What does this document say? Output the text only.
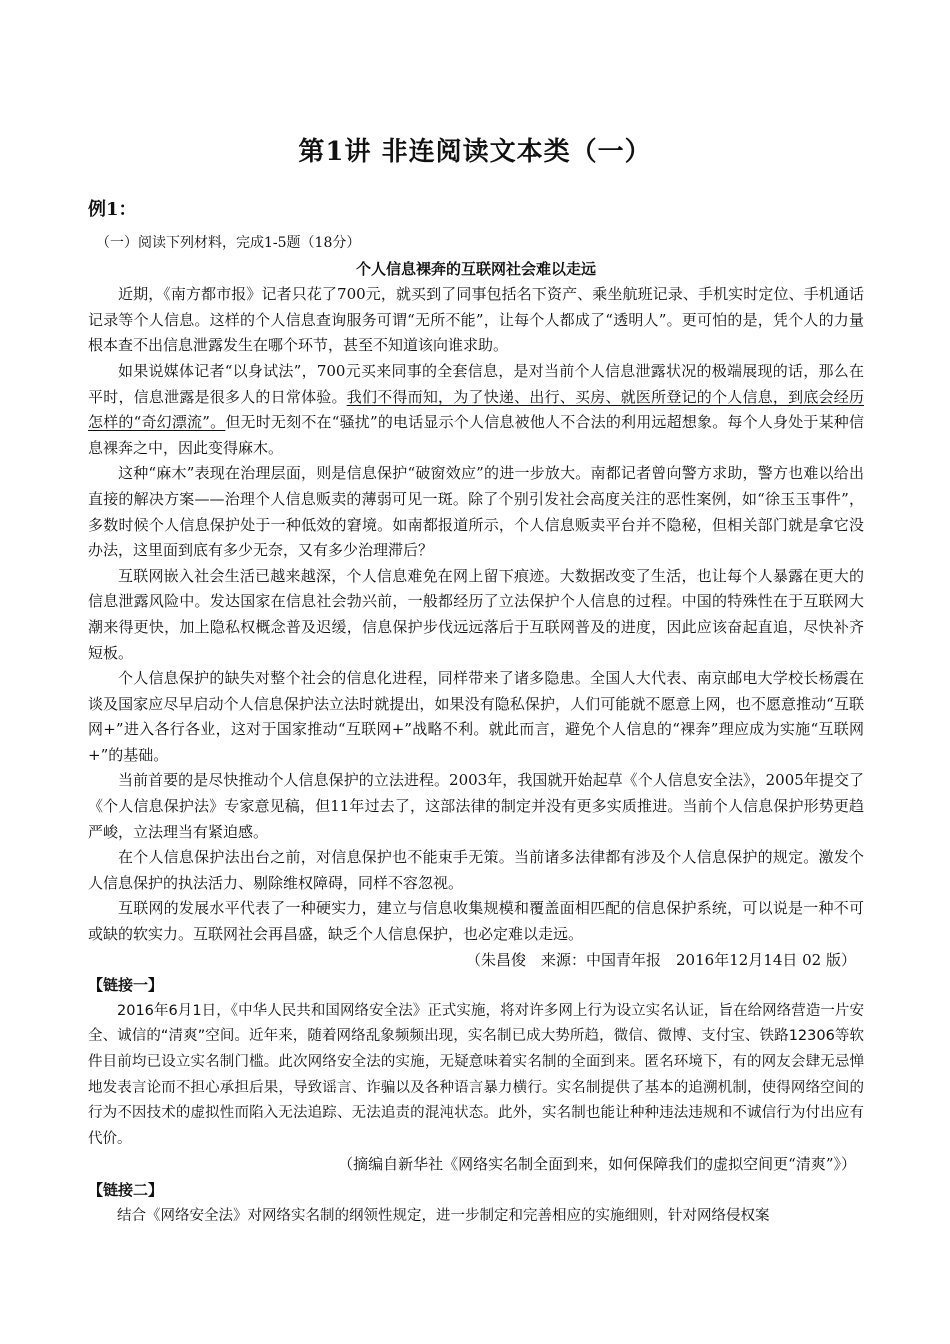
第1讲 非连阅读文本类（一）
例1：
（一）阅读下列材料，完成1-5题（18分）
个人信息裸奔的互联网社会难以走远

近期，《南方都市报》记者只花了700元，就买到了同事包括名下资产、乘坐航班记录、手机实时定位、手机通话记录等个人信息。这样的个人信息查询服务可谓“无所不能”，让每个人都成了“透明人”。更可怕的是，凭个人的力量根本查不出信息泄露发生在哪个环节，甚至不知道该向谁求助。

如果说媒体记者“以身试法”，700元买来同事的全套信息，是对当前个人信息泄露状况的极端展现的话，那么在平时，信息泄露是很多人的日常体验。我们不得而知，为了快递、出行、买房、就医所登记的个人信息，到底会经历怎样的“奇幻漂流”。但无时无刻不在“骚扰”的电话显示个人信息被他人不合法的利用远超想象。每个人身处于某种信息裸奔之中，因此变得麻木。

这种“麻木”表现在治理层面，则是信息保护“破窗效应”的进一步放大。南都记者曾向警方求助，警方也难以给出直接的解决方案——治理个人信息贩卖的薄弱可见一斑。除了个别引发社会高度关注的恶性案例，如“徐玉玉事件”，多数时候个人信息保护处于一种低效的窘境。如南都报道所示，个人信息贩卖平台并不隐秘，但相关部门就是拿它没办法，这里面到底有多少无奈，又有多少治理滞后？

互联网嵌入社会生活已越来越深，个人信息难免在网上留下痕迹。大数据改变了生活，也让每个人暴露在更大的信息泄露风险中。发达国家在信息社会勃兴前，一般都经历了立法保护个人信息的过程。中国的特殊性在于互联网大潮来得更快，加上隐私权概念普及迟缓，信息保护步伐远远落后于互联网普及的进度，因此应该奋起直追，尽快补齐短板。

个人信息保护的缺失对整个社会的信息化进程，同样带来了诸多隐患。全国人大代表、南京邮电大学校长杨震在谈及国家应尽早启动个人信息保护法立法时就提出，如果没有隐私保护，人们可能就不愿意上网，也不愿意推动“互联网+”进入各行各业，这对于国家推动“互联网+”战略不利。就此而言，避免个人信息的“裸奔”理应成为实施“互联网+”的基础。

当前首要的是尽快推动个人信息保护的立法进程。2003年，我国就开始起草《个人信息安全法》，2005年提交了《个人信息保护法》专家意见稿，但11年过去了，这部法律的制定并没有更多实质推进。当前个人信息保护形势更趋严峻，立法理当有紧迫感。

在个人信息保护法出台之前，对信息保护也不能束手无策。当前诸多法律都有涉及个人信息保护的规定。激发个人信息保护的执法活力、剔除维权障碍，同样不容忽视。

互联网的发展水平代表了一种硬实力，建立与信息收集规模和覆盖面相匹配的信息保护系统，可以说是一种不可或缺的软实力。互联网社会再昌盛，缺乏个人信息保护，也必定难以走远。

（朱昌俊　来源：中国青年报　2016年12月14日 02 版）

【链接一】

2016年6月1日，《中华人民共和国网络安全法》正式实施，将对许多网上行为设立实名认证，旨在给网络营造一片安全、诚信的“清爽”空间。近年来，随着网络乱象频频出现，实名制已成大势所趋，微信、微博、支付宝、铁路12306等软件目前均已设立实名制门槛。此次网络安全法的实施，无疑意味着实名制的全面到来。匿名环境下，有的网友会肆无忌惮地发表言论而不担心承担后果，导致谣言、诈骗以及各种语言暴力横行。实名制提供了基本的追溯机制，使得网络空间的行为不因技术的虚拟性而陷入无法追踪、无法追责的混沌状态。此外，实名制也能让种种违法违规和不诚信行为付出应有代价。

（摘编自新华社《网络实名制全面到来，如何保障我们的虚拟空间更“清爽”》）

【链接二】

结合《网络安全法》对网络实名制的纲领性规定，进一步制定和完善相应的实施细则，针对网络侵权案
